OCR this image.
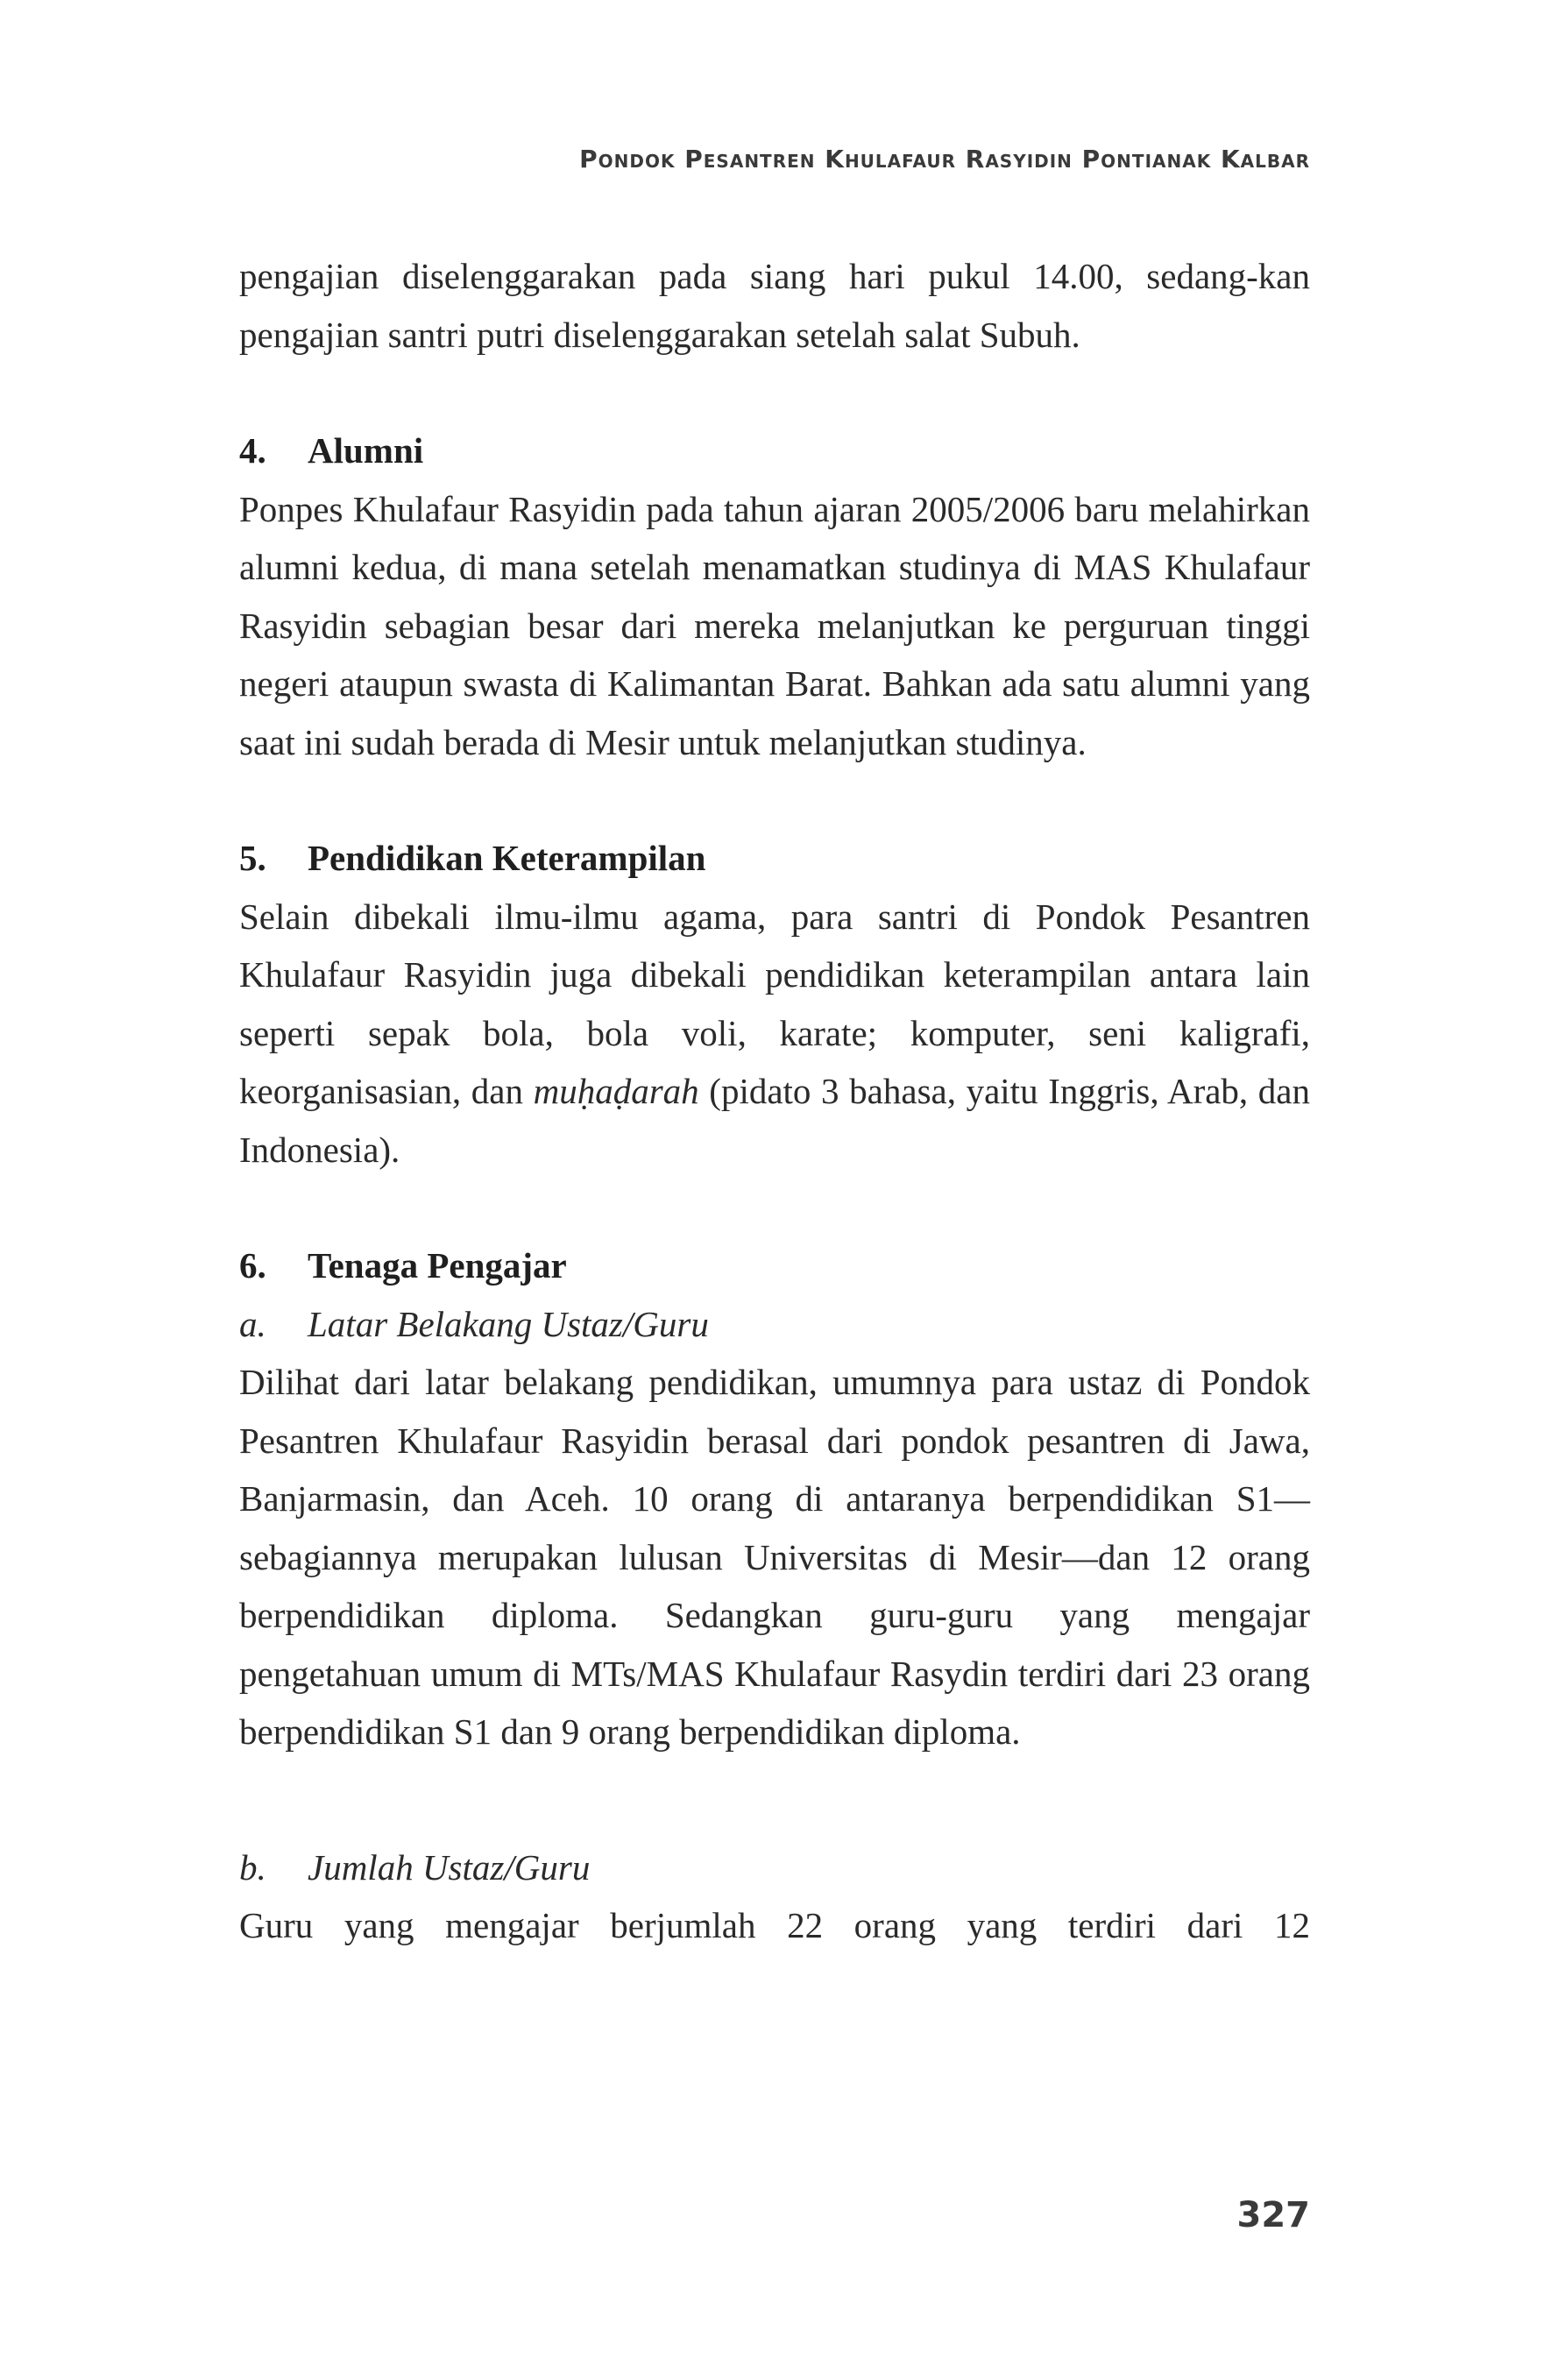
Pondok Pesantren Khulafaur Rasyidin Pontianak Kalbar

pengajian diselenggarakan pada siang hari pukul 14.00, sedang-kan pengajian santri putri diselenggarakan setelah salat Subuh.

4.	Alumni

Ponpes Khulafaur Rasyidin pada tahun ajaran 2005/2006 baru melahirkan alumni kedua, di mana setelah menamatkan studinya di MAS Khulafaur Rasyidin sebagian besar dari mereka melanjutkan ke perguruan tinggi negeri ataupun swasta di Kalimantan Barat. Bahkan ada satu alumni yang saat ini sudah berada di Mesir untuk melanjutkan studinya.

5.	Pendidikan Keterampilan

Selain dibekali ilmu-ilmu agama, para santri di Pondok Pesantren Khulafaur Rasyidin juga dibekali pendidikan keterampilan antara lain seperti sepak bola, bola voli, karate; komputer, seni kaligrafi, keorganisasian, dan muḥaḍarah (pidato 3 bahasa, yaitu Inggris, Arab, dan Indonesia).

6.	Tenaga Pengajar
a.	Latar Belakang Ustaz/Guru

Dilihat dari latar belakang pendidikan, umumnya para ustaz di Pondok Pesantren Khulafaur Rasyidin berasal dari pondok pesantren di Jawa, Banjarmasin, dan Aceh. 10 orang di antaranya berpendidikan S1—sebagiannya merupakan lulusan Universitas di Mesir—dan 12 orang berpendidikan diploma. Sedangkan guru-guru yang mengajar pengetahuan umum di MTs/MAS Khulafaur Rasydin terdiri dari 23 orang berpendidikan S1 dan 9 orang berpendidikan diploma.

b.	Jumlah Ustaz/Guru

Guru yang mengajar berjumlah 22 orang yang terdiri dari 12

327
